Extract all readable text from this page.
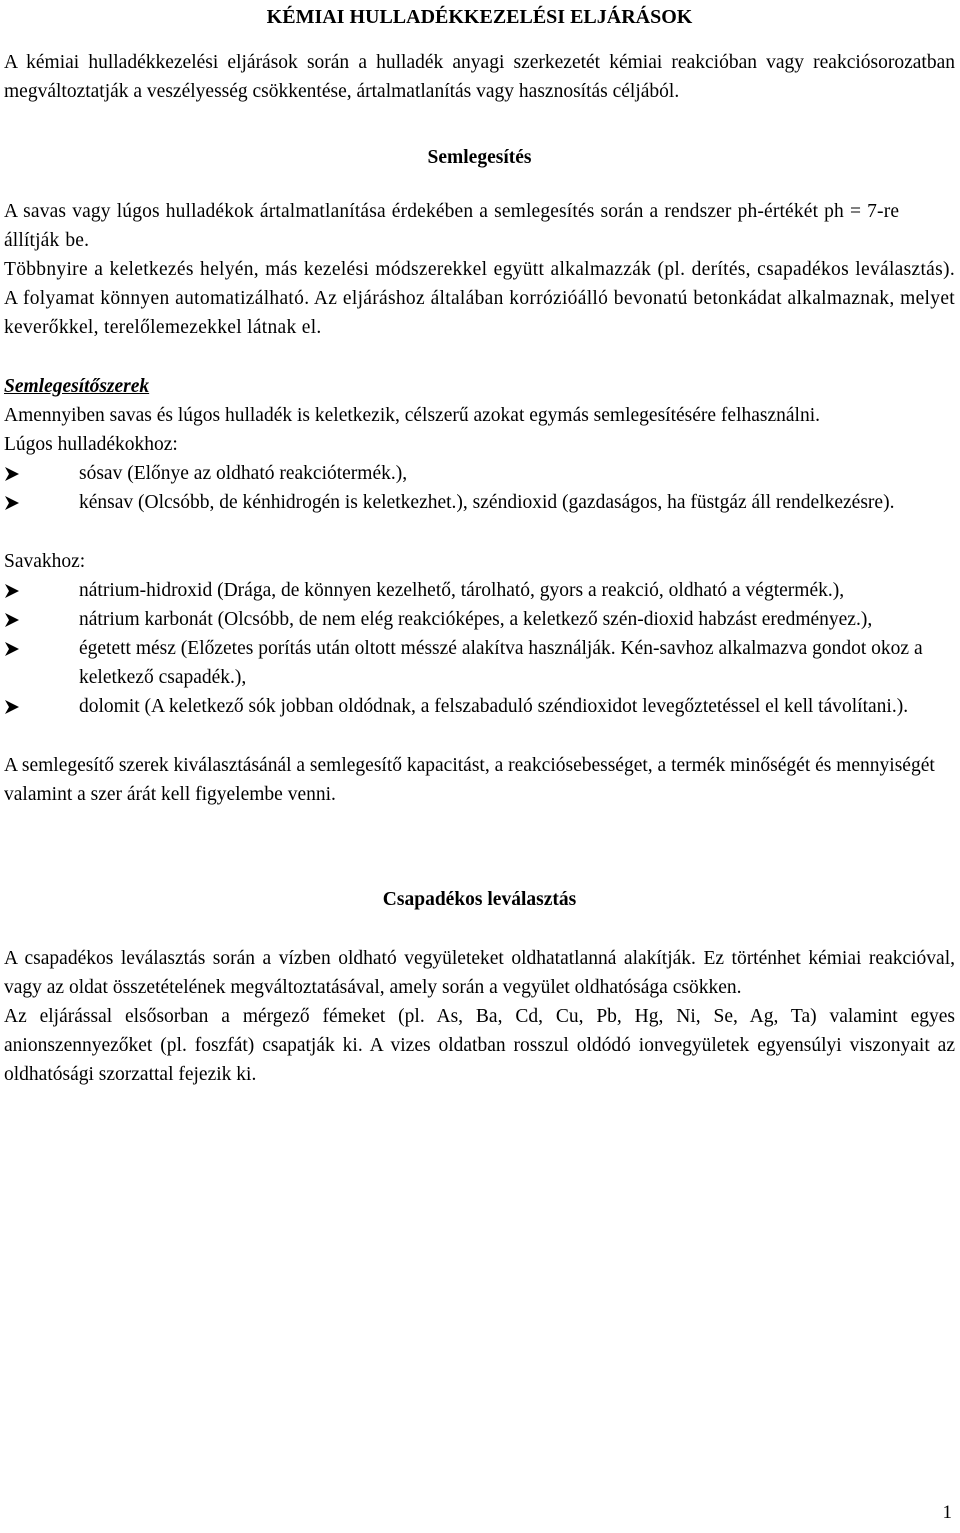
KÉMIAI HULLADÉKKEZELÉSI ELJÁRÁSOK

A kémiai hulladékkezelési eljárások során a hulladék anyagi szerkezetét kémiai reakcióban vagy reakciósorozatban megváltoztatják a veszélyesség csökkentése, ártalmatlanítás vagy hasznosítás céljából.

Semlegesítés

A savas vagy lúgos hulladékok ártalmatlanítása érdekében a semlegesítés során a rendszer ph-értékét ph = 7-re állítják be.

Többnyire a keletkezés helyén, más kezelési módszerekkel együtt alkalmazzák (pl. derítés, csapadékos leválasztás). A folyamat könnyen automatizálható. Az eljáráshoz általában korrózióálló bevonatú betonkádat alkalmaznak, melyet keverőkkel, terelőlemezekkel látnak el.

Semlegesítőszerek

Amennyiben savas és lúgos hulladék is keletkezik, célszerű azokat egymás semlegesítésére felhasználni.

Lúgos hulladékokhoz:
sósav (Előnye az oldható reakciótermék.),
kénsav (Olcsóbb, de kénhidrogén is keletkezhet.), széndioxid (gazdaságos, ha füstgáz áll rendelkezésre).
Savakhoz:
nátrium-hidroxid (Drága, de könnyen kezelhető, tárolható, gyors a reakció, oldható a végtermék.),
nátrium karbonát (Olcsóbb, de nem elég reakcióképes, a keletkező szén-dioxid habzást eredményez.),
égetett mész (Előzetes porítás után oltott mésszé alakítva használják. Kén-savhoz alkalmazva gondot okoz a keletkező csapadék.),
dolomit (A keletkező sók jobban oldódnak, a felszabaduló széndioxidot levegőztetéssel el kell távolítani.).

A semlegesítő szerek kiválasztásánál a semlegesítő kapacitást, a reakciósebességet, a termék minőségét és mennyiségét valamint a szer árát kell figyelembe venni.

Csapadékos leválasztás

A csapadékos leválasztás során a vízben oldható vegyületeket oldhatatlanná alakítják. Ez történhet kémiai reakcióval, vagy az oldat összetételének megváltoztatásával, amely során a vegyület oldhatósága csökken.

Az eljárással elsősorban a mérgező fémeket (pl. As, Ba, Cd, Cu, Pb, Hg, Ni, Se, Ag, Ta) valamint egyes anionszennyezőket (pl. foszfát) csapatják ki. A vizes oldatban rosszul oldódó ionvegyületek egyensúlyi viszonyait az oldhatósági szorzattal fejezik ki.

1
